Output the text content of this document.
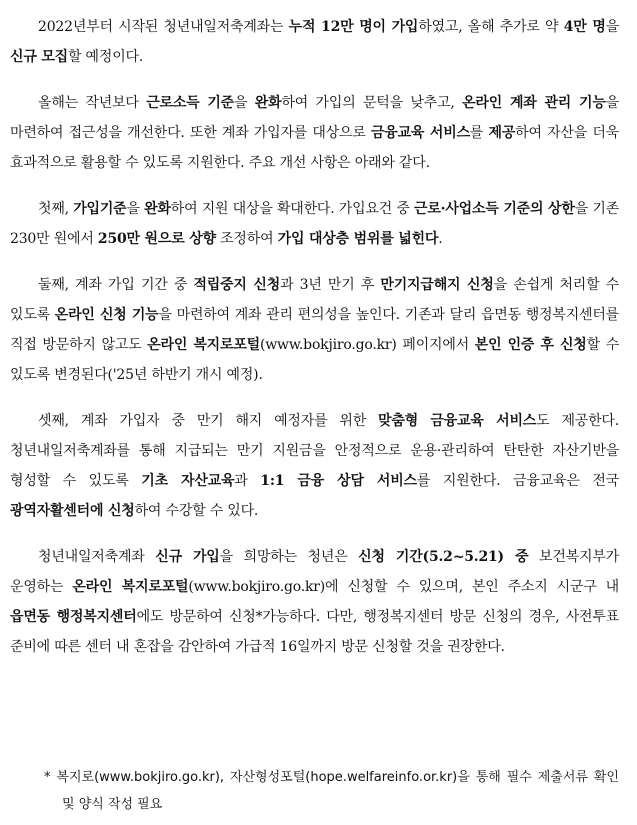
2022년부터 시작된 청년내일저축계좌는 누적 12만 명이 가입하였고, 올해 추가로 약 4만 명을 신규 모집할 예정이다.

올해는 작년보다 근로소득 기준을 완화하여 가입의 문턱을 낮추고, 온라인 계좌 관리 기능을 마련하여 접근성을 개선한다. 또한 계좌 가입자를 대상으로 금융교육 서비스를 제공하여 자산을 더욱 효과적으로 활용할 수 있도록 지원한다. 주요 개선 사항은 아래와 같다.

첫째, 가입기준을 완화하여 지원 대상을 확대한다. 가입요건 중 근로·사업소득 기준의 상한을 기존 230만 원에서 250만 원으로 상향 조정하여 가입 대상층 범위를 넓힌다.

둘째, 계좌 가입 기간 중 적립중지 신청과 3년 만기 후 만기지급해지 신청을 손쉽게 처리할 수 있도록 온라인 신청 기능을 마련하여 계좌 관리 편의성을 높인다. 기존과 달리 읍면동 행정복지센터를 직접 방문하지 않고도 온라인 복지로포털(www.bokjiro.go.kr) 페이지에서 본인 인증 후 신청할 수 있도록 변경된다('25년 하반기 개시 예정).

셋째, 계좌 가입자 중 만기 해지 예정자를 위한 맞춤형 금융교육 서비스도 제공한다. 청년내일저축계좌를 통해 지급되는 만기 지원금을 안정적으로 운용·관리하여 탄탄한 자산기반을 형성할 수 있도록 기초 자산교육과 1:1 금융 상담 서비스를 지원한다. 금융교육은 전국 광역자활센터에 신청하여 수강할 수 있다.

청년내일저축계좌 신규 가입을 희망하는 청년은 신청 기간(5.2~5.21) 중 보건복지부가 운영하는 온라인 복지로포털(www.bokjiro.go.kr)에 신청할 수 있으며, 본인 주소지 시군구 내 읍면동 행정복지센터에도 방문하여 신청*가능하다. 다만, 행정복지센터 방문 신청의 경우, 사전투표 준비에 따른 센터 내 혼잡을 감안하여 가급적 16일까지 방문 신청할 것을 권장한다.

* 복지로(www.bokjiro.go.kr), 자산형성포털(hope.welfareinfo.or.kr)을 통해 필수 제출서류 확인 및 양식 작성 필요
